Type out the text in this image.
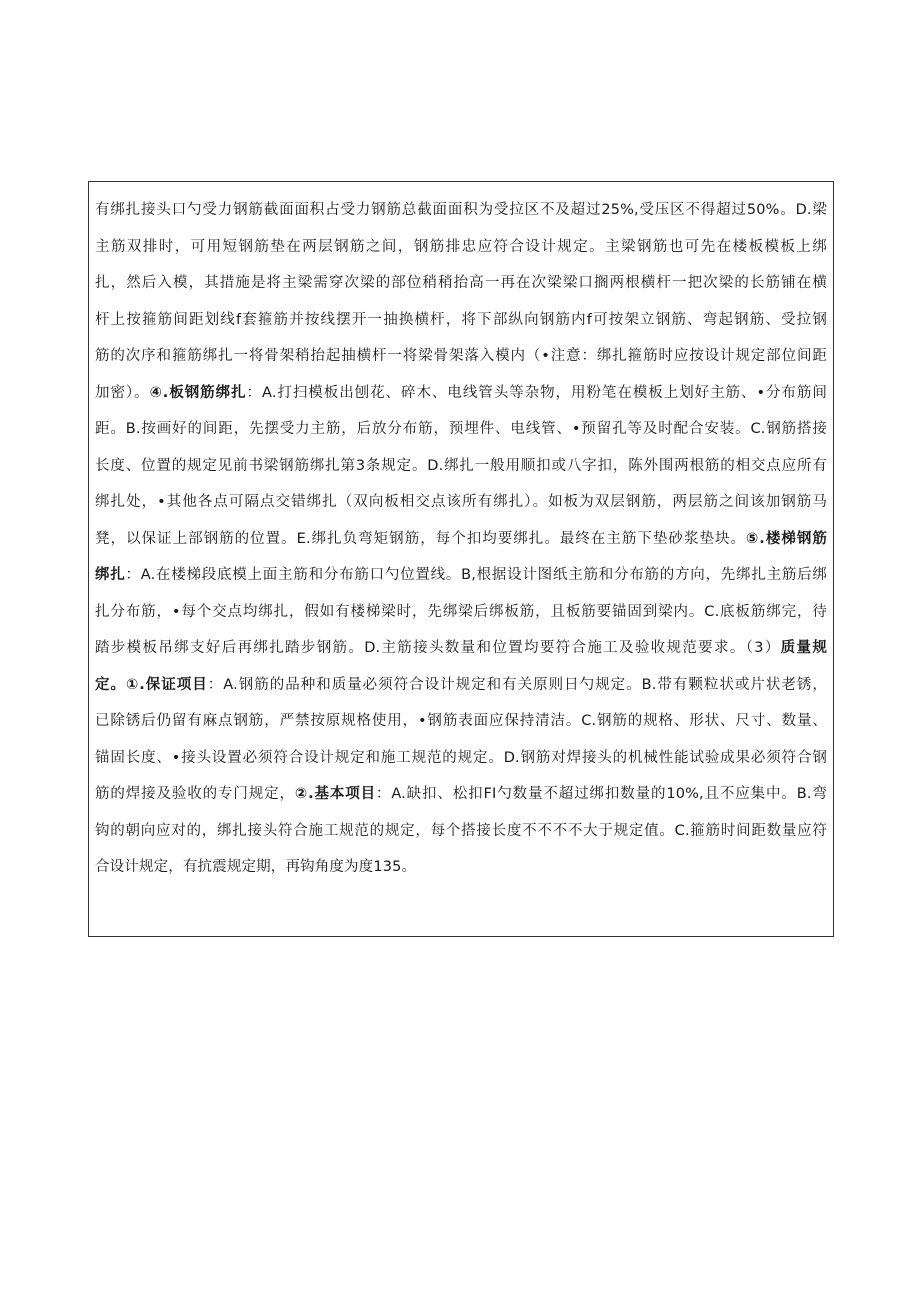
有绑扎接头口勺受力钢筋截面面积占受力钢筋总截面面积为受拉区不及超过25%,受压区不得超过50%。D.梁
主筋双排时，可用短钢筋垫在两层钢筋之间，钢筋排忠应符合设计规定。主梁钢筋也可先在楼板模板上绑
扎，然后入模，其措施是将主梁需穿次梁的部位稍稍抬高一再在次梁梁口搁两根横杆一把次梁的长筋铺在横
杆上按箍筋间距划线f套箍筋并按线摆开一抽换横杆，将下部纵向钢筋内f可按架立钢筋、弯起钢筋、受拉钢
筋的次序和箍筋绑扎一将骨架稍抬起抽横杆一将梁骨架落入模内（•注意：绑扎箍筋时应按设计规定部位间距
加密）。④.板钢筋绑扎：A.打扫模板出刨花、碎木、电线管头等杂物，用粉笔在模板上划好主筋、•分布筋间
距。B.按画好的间距，先摆受力主筋，后放分布筋，预埋件、电线管、•预留孔等及时配合安装。C.钢筋搭接
长度、位置的规定见前书梁钢筋绑扎第3条规定。D.绑扎一般用顺扣或八字扣，陈外围两根筋的相交点应所有
绑扎处，•其他各点可隔点交错绑扎（双向板相交点该所有绑扎）。如板为双层钢筋，两层筋之间该加钢筋马
凳，以保证上部钢筋的位置。E.绑扎负弯矩钢筋，每个扣均要绑扎。最终在主筋下垫砂浆垫块。⑤.楼梯钢筋
绑扎：A.在楼梯段底模上面主筋和分布筋口勺位置线。B,根据设计图纸主筋和分布筋的方向，先绑扎主筋后绑
扎分布筋，•每个交点均绑扎，假如有楼梯梁时，先绑梁后绑板筋，且板筋要锚固到梁内。C.底板筋绑完，待
踏步模板吊绑支好后再绑扎踏步钢筋。D.主筋接头数量和位置均要符合施工及验收规范要求。（3）质量规
定。①.保证项目：A.钢筋的品种和质量必须符合设计规定和有关原则日勺规定。B.带有颗粒状或片状老锈，
已除锈后仍留有麻点钢筋，严禁按原规格使用，•钢筋表面应保持清洁。C.钢筋的规格、形状、尺寸、数量、
锚固长度、•接头设置必须符合设计规定和施工规范的规定。D.钢筋对焊接头的机械性能试验成果必须符合钢
筋的焊接及验收的专门规定，②.基本项目：A.缺扣、松扣FI勺数量不超过绑扣数量的10%,且不应集中。B.弯
钩的朝向应对的，绑扎接头符合施工规范的规定，每个搭接长度不不不不大于规定值。C.箍筋时间距数量应符
合设计规定，有抗震规定期，再钩角度为度135。
